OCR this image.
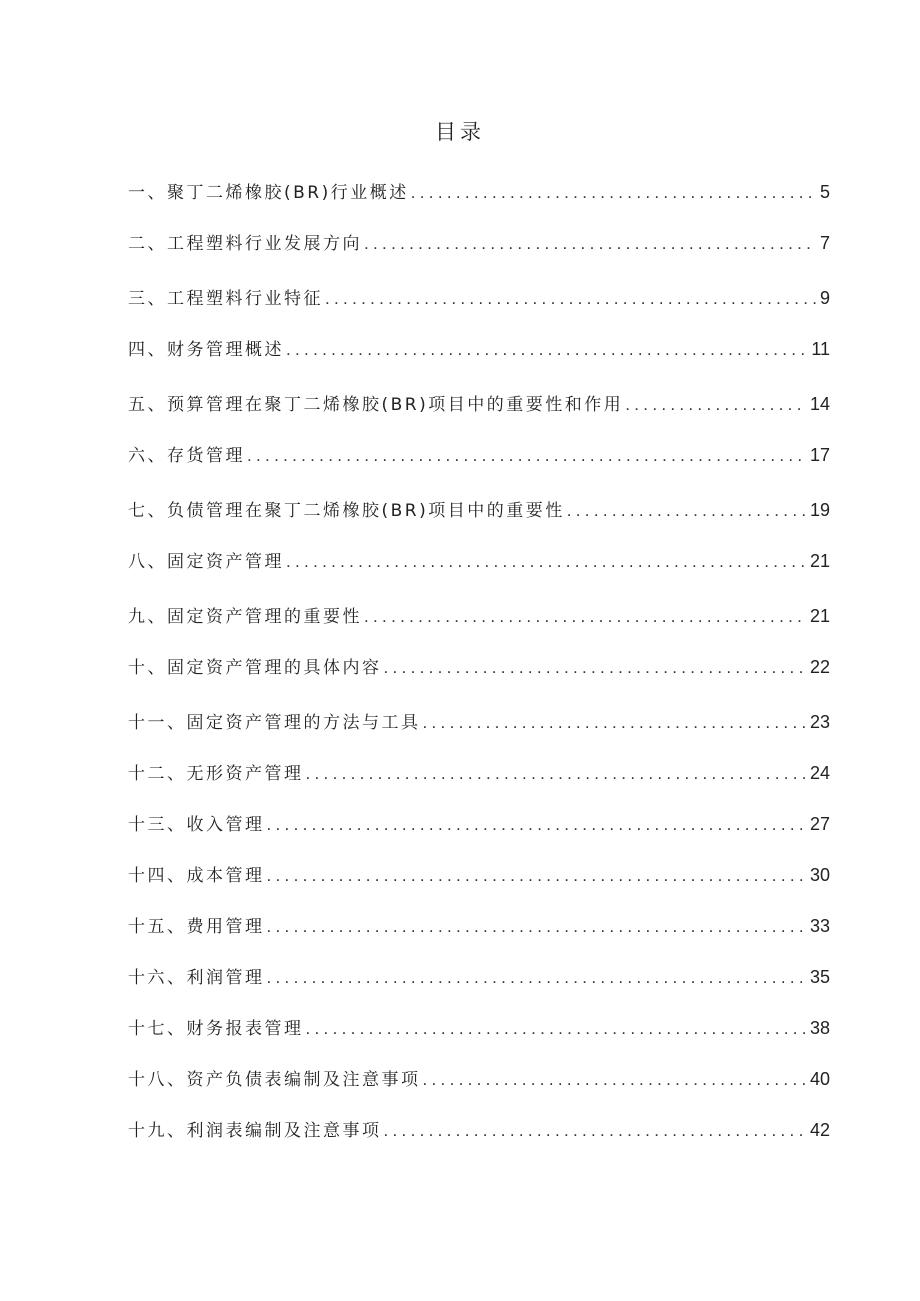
目录
一、聚丁二烯橡胶(BR)行业概述 .....	5
二、工程塑料行业发展方向 .....	7
三、工程塑料行业特征 .....	9
四、财务管理概述 .....	11
五、预算管理在聚丁二烯橡胶(BR)项目中的重要性和作用 .....	14
六、存货管理 .....	17
七、负债管理在聚丁二烯橡胶(BR)项目中的重要性 .....	19
八、固定资产管理 .....	21
九、固定资产管理的重要性 .....	21
十、固定资产管理的具体内容 .....	22
十一、固定资产管理的方法与工具 .....	23
十二、无形资产管理 .....	24
十三、收入管理 .....	27
十四、成本管理 .....	30
十五、费用管理 .....	33
十六、利润管理 .....	35
十七、财务报表管理 .....	38
十八、资产负债表编制及注意事项 .....	40
十九、利润表编制及注意事项 .....	42
